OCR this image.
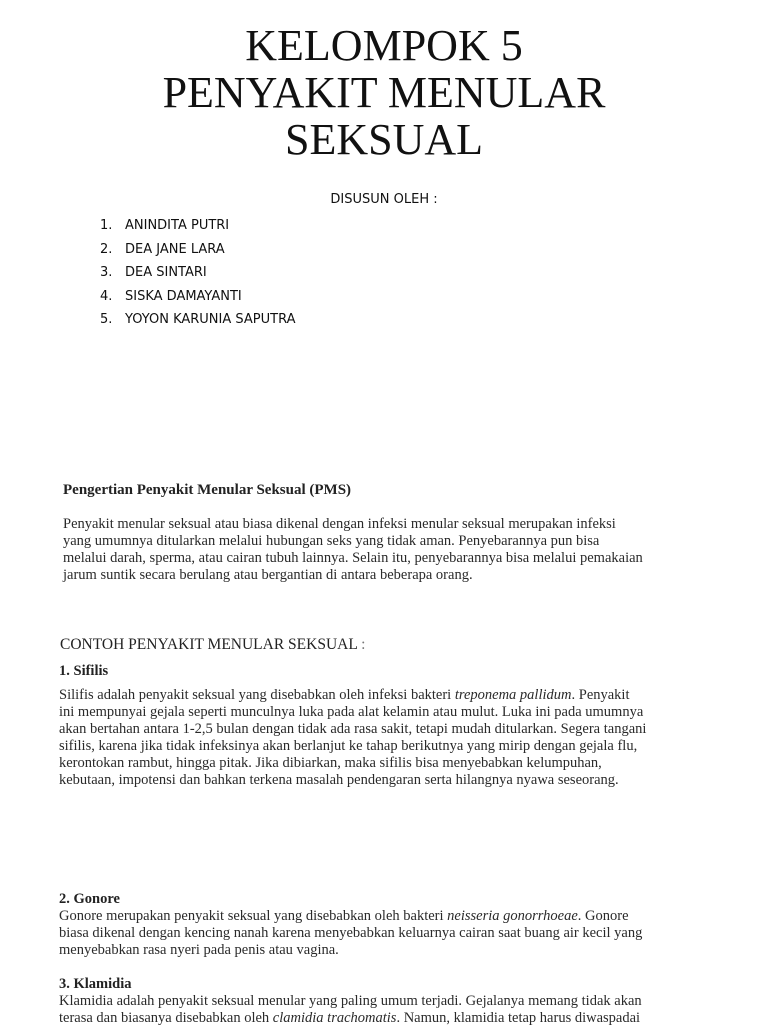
KELOMPOK 5
PENYAKIT MENULAR
SEKSUAL
DISUSUN OLEH :
1. ANINDITA PUTRI
2. DEA JANE LARA
3. DEA SINTARI
4. SISKA DAMAYANTI
5. YOYON KARUNIA SAPUTRA
Pengertian Penyakit Menular Seksual (PMS)
Penyakit menular seksual atau biasa dikenal dengan infeksi menular seksual merupakan infeksi
yang umumnya ditularkan melalui hubungan seks yang tidak aman. Penyebarannya pun bisa
melalui darah, sperma, atau cairan tubuh lainnya. Selain itu, penyebarannya bisa melalui pemakaian
jarum suntik secara berulang atau bergantian di antara beberapa orang.
CONTOH PENYAKIT MENULAR SEKSUAL :
1. Sifilis
Silifis adalah penyakit seksual yang disebabkan oleh infeksi bakteri treponema pallidum. Penyakit
ini mempunyai gejala seperti munculnya luka pada alat kelamin atau mulut. Luka ini pada umumnya
akan bertahan antara 1-2,5 bulan dengan tidak ada rasa sakit, tetapi mudah ditularkan. Segera tangani
sifilis, karena jika tidak infeksinya akan berlanjut ke tahap berikutnya yang mirip dengan gejala flu,
kerontokan rambut, hingga pitak. Jika dibiarkan, maka sifilis bisa menyebabkan kelumpuhan,
kebutaan, impotensi dan bahkan terkena masalah pendengaran serta hilangnya nyawa seseorang.
2. Gonore
Gonore merupakan penyakit seksual yang disebabkan oleh bakteri neisseria gonorrhoeae. Gonore
biasa dikenal dengan kencing nanah karena menyebabkan keluarnya cairan saat buang air kecil yang
menyebabkan rasa nyeri pada penis atau vagina.
3. Klamidia
Klamidia adalah penyakit seksual menular yang paling umum terjadi. Gejalanya memang tidak akan
terasa dan biasanya disebabkan oleh clamidia trachomatis. Namun, klamidia tetap harus diwaspadai
